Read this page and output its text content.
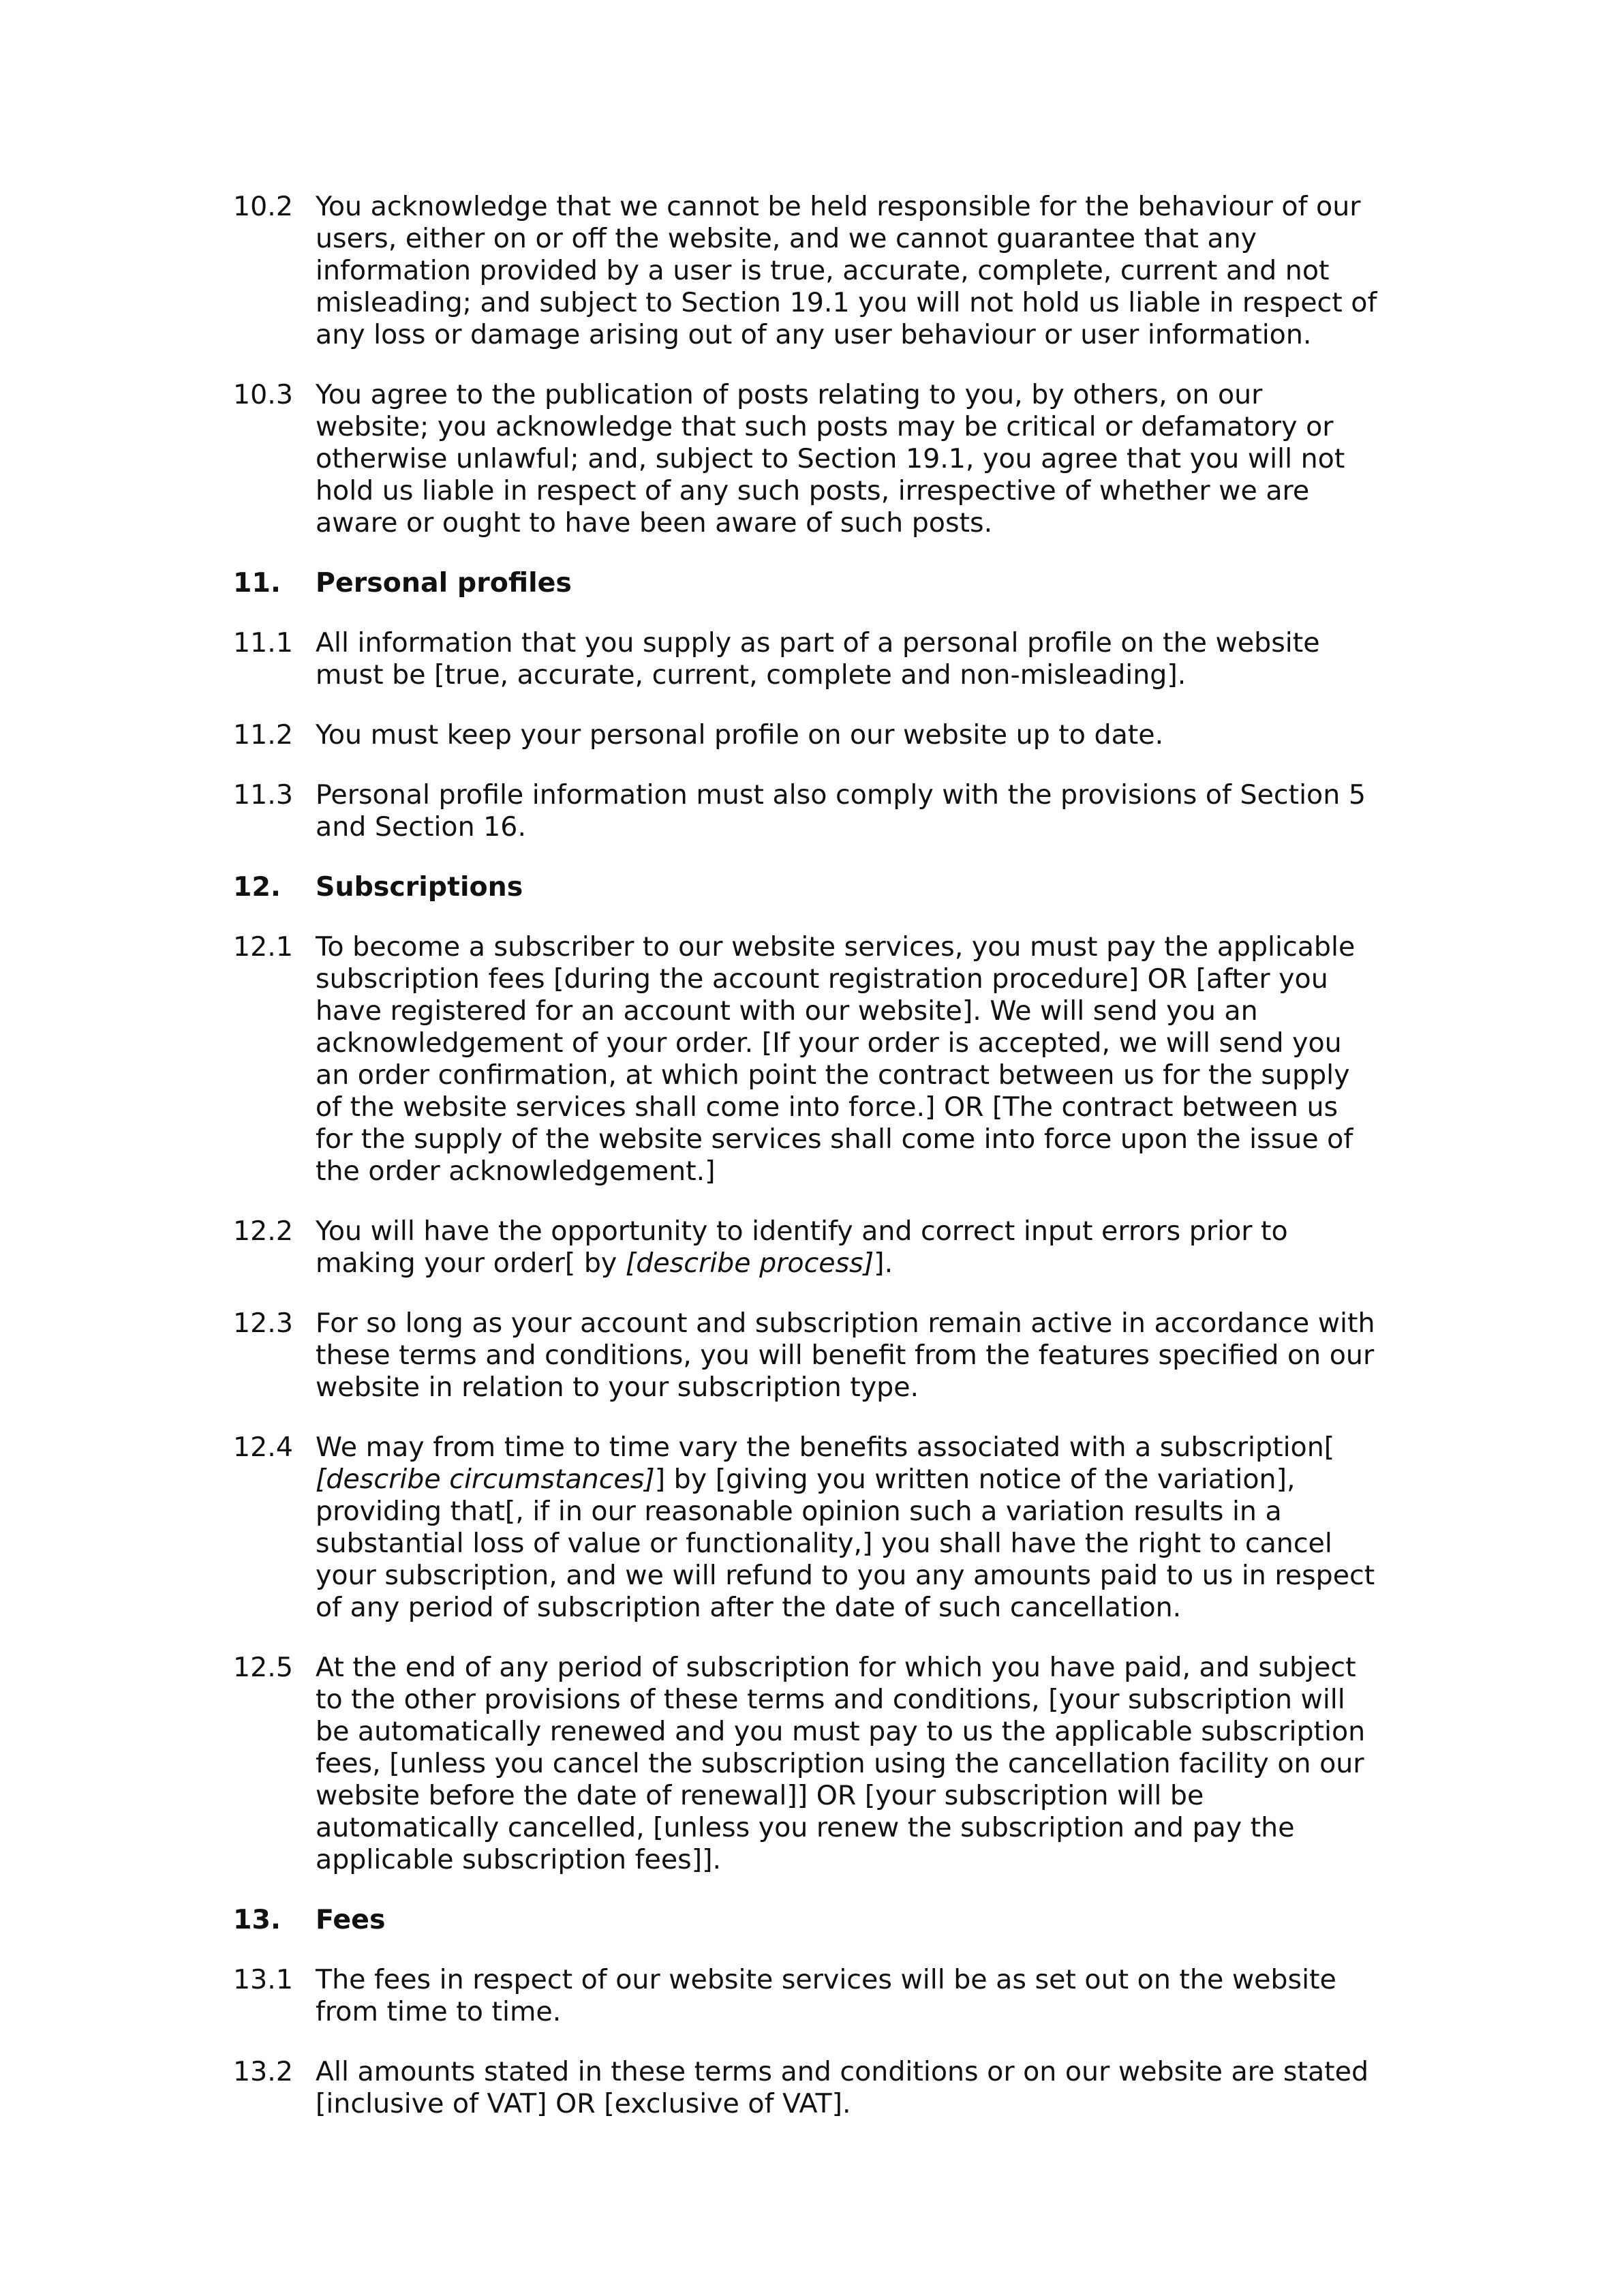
10.2 You acknowledge that we cannot be held responsible for the behaviour of our
users, either on or off the website, and we cannot guarantee that any
information provided by a user is true, accurate, complete, current and not
misleading; and subject to Section 19.1 you will not hold us liable in respect of
any loss or damage arising out of any user behaviour or user information.
10.3 You agree to the publication of posts relating to you, by others, on our
website; you acknowledge that such posts may be critical or defamatory or
otherwise unlawful; and, subject to Section 19.1, you agree that you will not
hold us liable in respect of any such posts, irrespective of whether we are
aware or ought to have been aware of such posts.
11.	Personal profiles
11.1 All information that you supply as part of a personal profile on the website
must be [true, accurate, current, complete and non-misleading].
11.2 You must keep your personal profile on our website up to date.
11.3 Personal profile information must also comply with the provisions of Section 5
and Section 16.
12.	Subscriptions
12.1 To become a subscriber to our website services, you must pay the applicable
subscription fees [during the account registration procedure] OR [after you
have registered for an account with our website]. We will send you an
acknowledgement of your order. [If your order is accepted, we will send you
an order confirmation, at which point the contract between us for the supply
of the website services shall come into force.] OR [The contract between us
for the supply of the website services shall come into force upon the issue of
the order acknowledgement.]
12.2 You will have the opportunity to identify and correct input errors prior to
making your order[ by [describe process]].
12.3 For so long as your account and subscription remain active in accordance with
these terms and conditions, you will benefit from the features specified on our
website in relation to your subscription type.
12.4 We may from time to time vary the benefits associated with a subscription[
[describe circumstances]] by [giving you written notice of the variation],
providing that[, if in our reasonable opinion such a variation results in a
substantial loss of value or functionality,] you shall have the right to cancel
your subscription, and we will refund to you any amounts paid to us in respect
of any period of subscription after the date of such cancellation.
12.5 At the end of any period of subscription for which you have paid, and subject
to the other provisions of these terms and conditions, [your subscription will
be automatically renewed and you must pay to us the applicable subscription
fees, [unless you cancel the subscription using the cancellation facility on our
website before the date of renewal]] OR [your subscription will be
automatically cancelled, [unless you renew the subscription and pay the
applicable subscription fees]].
13.	Fees
13.1 The fees in respect of our website services will be as set out on the website
from time to time.
13.2 All amounts stated in these terms and conditions or on our website are stated
[inclusive of VAT] OR [exclusive of VAT].
